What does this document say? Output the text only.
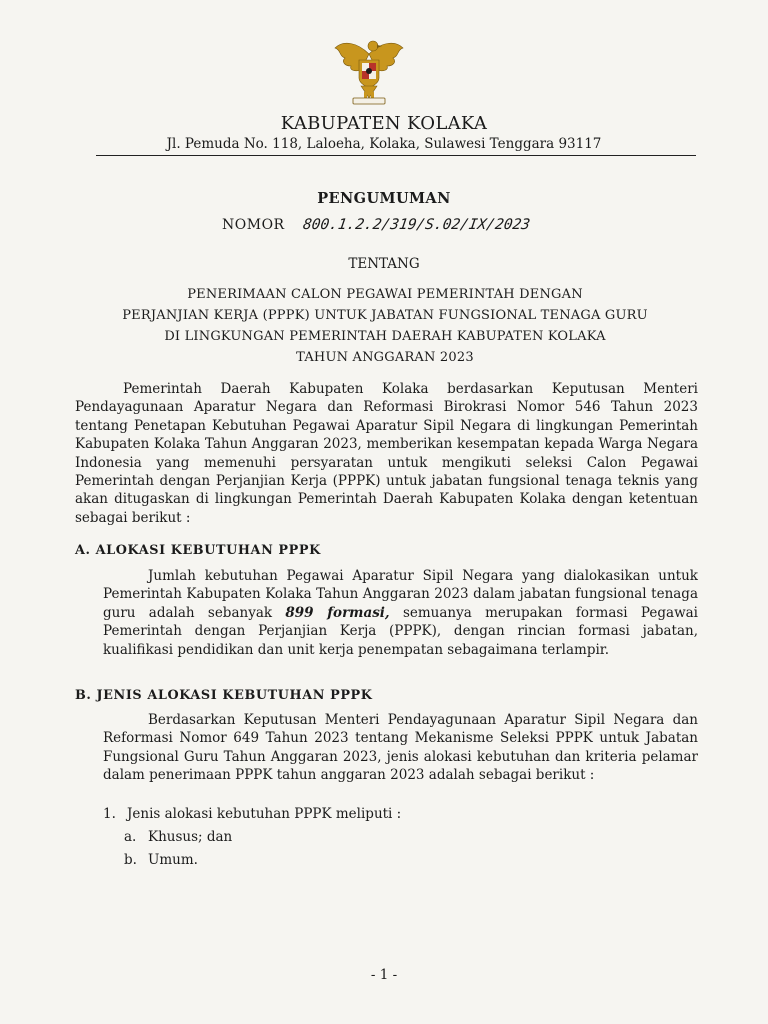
KABUPATEN KOLAKA
Jl. Pemuda No. 118, Laloeha, Kolaka, Sulawesi Tenggara 93117
PENGUMUMAN
NOMOR 800.1.2.2/319/S.02/IX/2023
TENTANG
PENERIMAAN CALON PEGAWAI PEMERINTAH DENGAN
PERJANJIAN KERJA (PPPK) UNTUK JABATAN FUNGSIONAL TENAGA GURU
DI LINGKUNGAN PEMERINTAH DAERAH KABUPATEN KOLAKA
TAHUN ANGGARAN 2023
Pemerintah Daerah Kabupaten Kolaka berdasarkan Keputusan Menteri Pendayagunaan Aparatur Negara dan Reformasi Birokrasi Nomor 546 Tahun 2023 tentang Penetapan Kebutuhan Pegawai Aparatur Sipil Negara di lingkungan Pemerintah Kabupaten Kolaka Tahun Anggaran 2023, memberikan kesempatan kepada Warga Negara Indonesia yang memenuhi persyaratan untuk mengikuti seleksi Calon Pegawai Pemerintah dengan Perjanjian Kerja (PPPK) untuk jabatan fungsional tenaga teknis yang akan ditugaskan di lingkungan Pemerintah Daerah Kabupaten Kolaka dengan ketentuan sebagai berikut :
A. ALOKASI KEBUTUHAN PPPK
Jumlah kebutuhan Pegawai Aparatur Sipil Negara yang dialokasikan untuk Pemerintah Kabupaten Kolaka Tahun Anggaran 2023 dalam jabatan fungsional tenaga guru adalah sebanyak 899 formasi, semuanya merupakan formasi Pegawai Pemerintah dengan Perjanjian Kerja (PPPK), dengan rincian formasi jabatan, kualifikasi pendidikan dan unit kerja penempatan sebagaimana terlampir.
B. JENIS ALOKASI KEBUTUHAN PPPK
Berdasarkan Keputusan Menteri Pendayagunaan Aparatur Sipil Negara dan Reformasi Nomor 649 Tahun 2023 tentang Mekanisme Seleksi PPPK untuk Jabatan Fungsional Guru Tahun Anggaran 2023, jenis alokasi kebutuhan dan kriteria pelamar dalam penerimaan PPPK tahun anggaran 2023 adalah sebagai berikut :
1. Jenis alokasi kebutuhan PPPK meliputi :
a. Khusus; dan
b. Umum.
- 1 -
